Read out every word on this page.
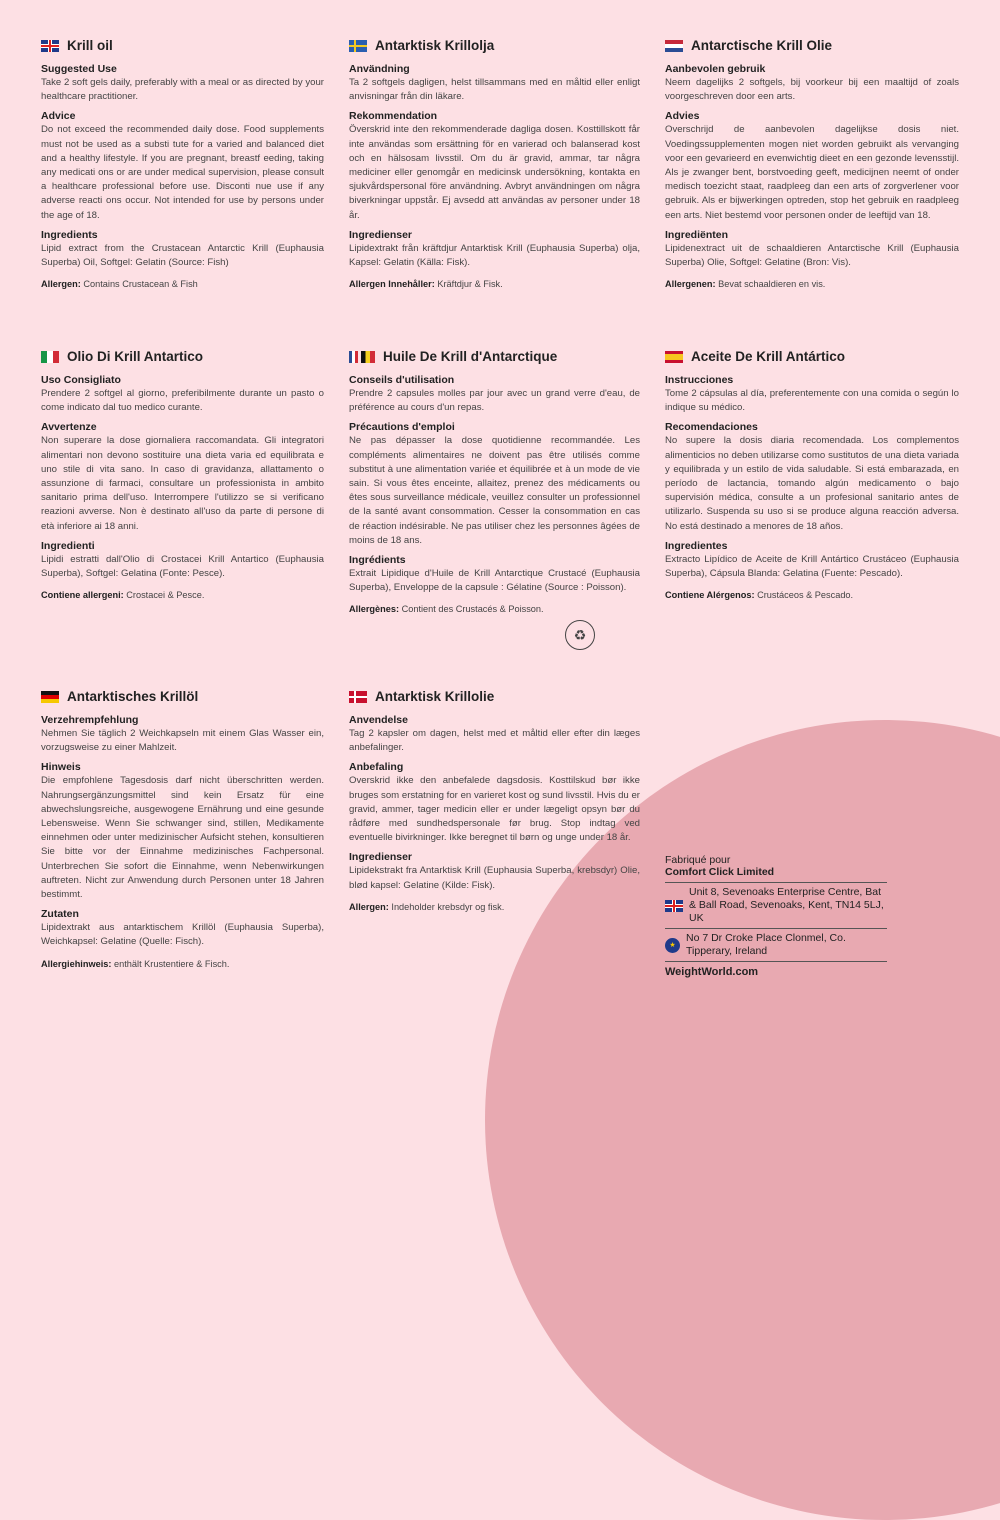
Krill oil
Suggested Use

Take 2 soft gels daily, preferably with a meal or as directed by your healthcare practitioner.

Advice

Do not exceed the recommended daily dose. Food supplements must not be used as a substi tute for a varied and balanced diet and a healthy lifestyle. If you are pregnant, breastf eeding, taking any medicati ons or are under medical supervision, please consult a healthcare professional before use. Disconti nue use if any adverse reacti ons occur. Not intended for use by persons under the age of 18.

Ingredients

Lipid extract from the Crustacean Antarctic Krill (Euphausia Superba) Oil, Softgel: Gelatin (Source: Fish)

Allergen: Contains Crustacean & Fish
Antarktisk Krillolja
Användning

Ta 2 softgels dagligen, helst tillsammans med en måltid eller enligt anvisningar från din läkare.

Rekommendation

Överskrid inte den rekommenderade dagliga dosen. Kosttillskott får inte användas som ersättning för en varierad och balanserad kost och en hälsosam livsstil. Om du är gravid, ammar, tar några mediciner eller genomgår en medicinsk undersökning, kontakta en sjukvårdspersonal före användning. Avbryt användningen om några biverkningar uppstår. Ej avsedd att användas av personer under 18 år.

Ingredienser

Lipidextrakt från kräftdjur Antarktisk Krill (Euphausia Superba) olja, Kapsel: Gelatin (Källa: Fisk).

Allergen Innehåller: Kräftdjur & Fisk.
Antarctische Krill Olie
Aanbevolen gebruik

Neem dagelijks 2 softgels, bij voorkeur bij een maaltijd of zoals voorgeschreven door een arts.

Advies

Overschrijd de aanbevolen dagelijkse dosis niet. Voedingssupplementen mogen niet worden gebruikt als vervanging voor een gevarieerd en evenwichtig dieet en een gezonde levensstijl. Als je zwanger bent, borstvoeding geeft, medicijnen neemt of onder medisch toezicht staat, raadpleeg dan een arts of zorgverlener voor gebruik. Als er bijwerkingen optreden, stop het gebruik en raadpleeg een arts. Niet bestemd voor personen onder de leeftijd van 18.

Ingrediënten

Lipidenextract uit de schaaldieren Antarctische Krill (Euphausia Superba) Olie, Softgel: Gelatine (Bron: Vis).

Allergenen: Bevat schaaldieren en vis.
Olio Di Krill Antartico
Uso Consigliato

Prendere 2 softgel al giorno, preferibilmente durante un pasto o come indicato dal tuo medico curante.

Avvertenze

Non superare la dose giornaliera raccomandata. Gli integratori alimentari non devono sostituire una dieta varia ed equilibrata e uno stile di vita sano. In caso di gravidanza, allattamento o assunzione di farmaci, consultare un professionista in ambito sanitario prima dell'uso. Interrompere l'utilizzo se si verificano reazioni avverse. Non è destinato all'uso da parte di persone di età inferiore ai 18 anni.

Ingredienti

Lipidi estratti dall'Olio di Crostacei Krill Antartico (Euphausia Superba), Softgel: Gelatina (Fonte: Pesce).

Contiene allergeni: Crostacei & Pesce.
Huile De Krill d'Antarctique
Conseils d'utilisation

Prendre 2 capsules molles par jour avec un grand verre d'eau, de préférence au cours d'un repas.

Précautions d'emploi

Ne pas dépasser la dose quotidienne recommandée. Les compléments alimentaires ne doivent pas être utilisés comme substitut à une alimentation variée et équilibrée et à un mode de vie sain. Si vous êtes enceinte, allaitez, prenez des médicaments ou êtes sous surveillance médicale, veuillez consulter un professionnel de la santé avant consommation. Cesser la consommation en cas de réaction indésirable. Ne pas utiliser chez les personnes âgées de moins de 18 ans.

Ingrédients

Extrait Lipidique d'Huile de Krill Antarctique Crustacé (Euphausia Superba), Enveloppe de la capsule : Gélatine (Source : Poisson).

Allergènes: Contient des Crustacés & Poisson.
♻
Aceite De Krill Antártico
Instrucciones

Tome 2 cápsulas al día, preferentemente con una comida o según lo indique su médico.

Recomendaciones

No supere la dosis diaria recomendada. Los complementos alimenticios no deben utilizarse como sustitutos de una dieta variada y equilibrada y un estilo de vida saludable. Si está embarazada, en período de lactancia, tomando algún medicamento o bajo supervisión médica, consulte a un profesional sanitario antes de utilizarlo. Suspenda su uso si se produce alguna reacción adversa. No está destinado a menores de 18 años.

Ingredientes

Extracto Lipídico de Aceite de Krill Antártico Crustáceo (Euphausia Superba), Cápsula Blanda: Gelatina (Fuente: Pescado).

Contiene Alérgenos: Crustáceos & Pescado.
Antarktisches Krillöl
Verzehrempfehlung

Nehmen Sie täglich 2 Weichkapseln mit einem Glas Wasser ein, vorzugsweise zu einer Mahlzeit.

Hinweis

Die empfohlene Tagesdosis darf nicht überschritten werden. Nahrungsergänzungsmittel sind kein Ersatz für eine abwechslungsreiche, ausgewogene Ernährung und eine gesunde Lebensweise. Wenn Sie schwanger sind, stillen, Medikamente einnehmen oder unter medizinischer Aufsicht stehen, konsultieren Sie bitte vor der Einnahme medizinisches Fachpersonal. Unterbrechen Sie sofort die Einnahme, wenn Nebenwirkungen auftreten. Nicht zur Anwendung durch Personen unter 18 Jahren bestimmt.

Zutaten

Lipidextrakt aus antarktischem Krillöl (Euphausia Superba), Weichkapsel: Gelatine (Quelle: Fisch).

Allergiehinweis: enthält Krustentiere & Fisch.
Antarktisk Krillolie
Anvendelse

Tag 2 kapsler om dagen, helst med et måltid eller efter din læges anbefalinger.

Anbefaling

Overskrid ikke den anbefalede dagsdosis. Kosttilskud bør ikke bruges som erstatning for en varieret kost og sund livsstil. Hvis du er gravid, ammer, tager medicin eller er under lægeligt opsyn bør du rådføre med sundhedspersonale før brug. Stop indtag ved eventuelle bivirkninger. Ikke beregnet til børn og unge under 18 år.

Ingredienser

Lipidekstrakt fra Antarktisk Krill (Euphausia Superba, krebsdyr) Olie, blød kapsel: Gelatine (Kilde: Fisk).

Allergen: Indeholder krebsdyr og fisk.
Fabriqué pour
Comfort Click Limited
Unit 8, Sevenoaks Enterprise Centre, Bat & Ball Road, Sevenoaks, Kent, TN14 5LJ, UK
★
No 7 Dr Croke Place Clonmel, Co. Tipperary, Ireland
WeightWorld.com
